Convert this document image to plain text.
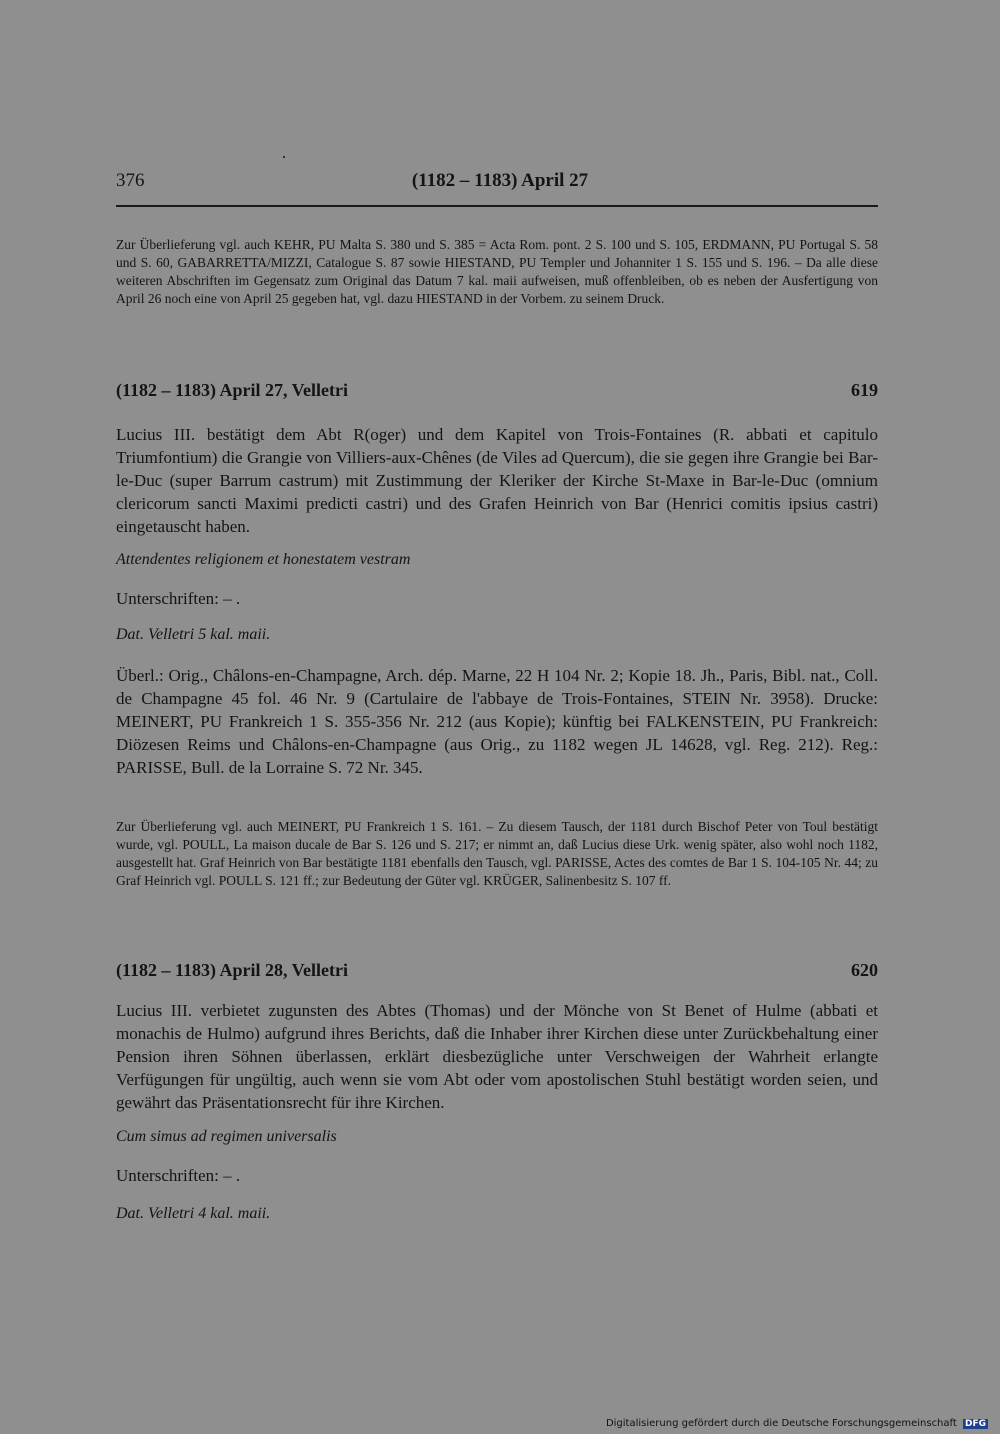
376	(1182 – 1183) April 27
Zur Überlieferung vgl. auch KEHR, PU Malta S. 380 und S. 385 = Acta Rom. pont. 2 S. 100 und S. 105, ERDMANN, PU Portugal S. 58 und S. 60, GABARRETTA/MIZZI, Catalogue S. 87 sowie HIESTAND, PU Templer und Johanniter 1 S. 155 und S. 196. – Da alle diese weiteren Abschriften im Gegensatz zum Original das Datum 7 kal. maii aufweisen, muß offenbleiben, ob es neben der Ausfertigung von April 26 noch eine von April 25 gegeben hat, vgl. dazu HIESTAND in der Vorbem. zu seinem Druck.
619
(1182 – 1183) April 27, Velletri
Lucius III. bestätigt dem Abt R(oger) und dem Kapitel von Trois-Fontaines (R. abbati et capitulo Triumfontium) die Grangie von Villiers-aux-Chênes (de Viles ad Quercum), die sie gegen ihre Grangie bei Bar-le-Duc (super Barrum castrum) mit Zustimmung der Kleriker der Kirche St-Maxe in Bar-le-Duc (omnium clericorum sancti Maximi predicti castri) und des Grafen Heinrich von Bar (Henrici comitis ipsius castri) eingetauscht haben.
Attendentes religionem et honestatem vestram
Unterschriften: – .
Dat. Velletri 5 kal. maii.
Überl.: Orig., Châlons-en-Champagne, Arch. dép. Marne, 22 H 104 Nr. 2; Kopie 18. Jh., Paris, Bibl. nat., Coll. de Champagne 45 fol. 46 Nr. 9 (Cartulaire de l'abbaye de Trois-Fontaines, STEIN Nr. 3958). Drucke: MEINERT, PU Frankreich 1 S. 355-356 Nr. 212 (aus Kopie); künftig bei FALKENSTEIN, PU Frankreich: Diözesen Reims und Châlons-en-Champagne (aus Orig., zu 1182 wegen JL 14628, vgl. Reg. 212). Reg.: PARISSE, Bull. de la Lorraine S. 72 Nr. 345.
Zur Überlieferung vgl. auch MEINERT, PU Frankreich 1 S. 161. – Zu diesem Tausch, der 1181 durch Bischof Peter von Toul bestätigt wurde, vgl. POULL, La maison ducale de Bar S. 126 und S. 217; er nimmt an, daß Lucius diese Urk. wenig später, also wohl noch 1182, ausgestellt hat. Graf Heinrich von Bar bestätigte 1181 ebenfalls den Tausch, vgl. PARISSE, Actes des comtes de Bar 1 S. 104-105 Nr. 44; zu Graf Heinrich vgl. POULL S. 121 ff.; zur Bedeutung der Güter vgl. KRÜGER, Salinenbesitz S. 107 ff.
620
(1182 – 1183) April 28, Velletri
Lucius III. verbietet zugunsten des Abtes (Thomas) und der Mönche von St Benet of Hulme (abbati et monachis de Hulmo) aufgrund ihres Berichts, daß die Inhaber ihrer Kirchen diese unter Zurückbehaltung einer Pension ihren Söhnen überlassen, erklärt diesbezügliche unter Verschweigen der Wahrheit erlangte Verfügungen für ungültig, auch wenn sie vom Abt oder vom apostolischen Stuhl bestätigt worden seien, und gewährt das Präsentationsrecht für ihre Kirchen.
Cum simus ad regimen universalis
Unterschriften: – .
Dat. Velletri 4 kal. maii.
Digitalisierung gefördert durch die Deutsche Forschungsgemeinschaft DFG
